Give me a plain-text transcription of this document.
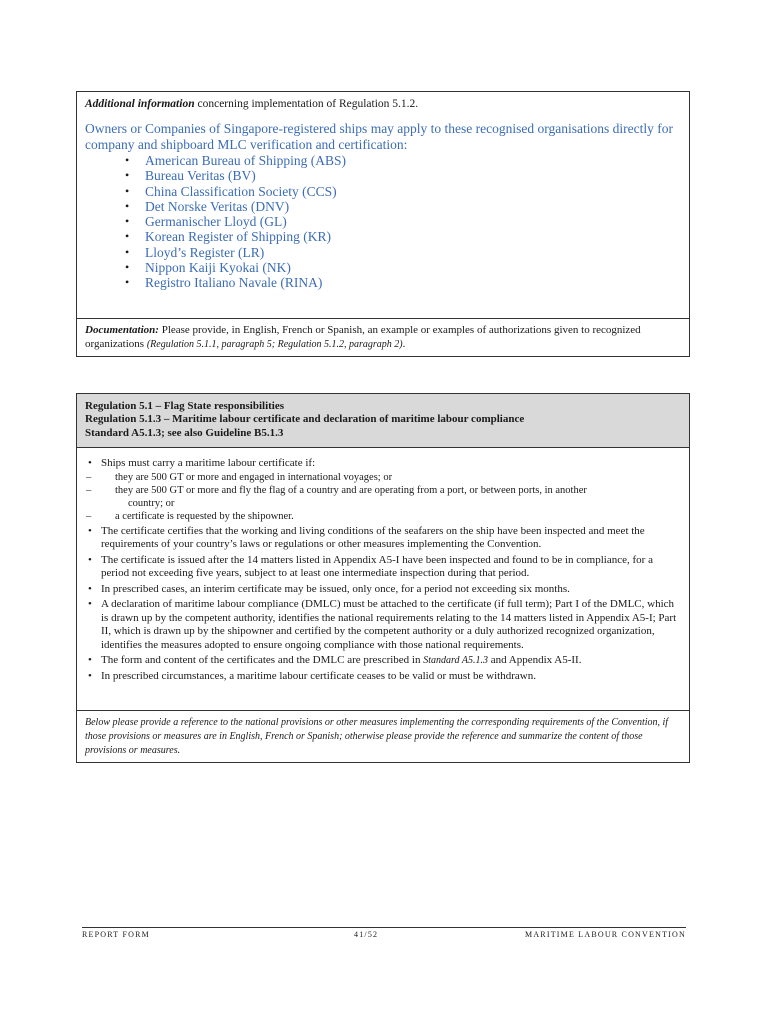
Additional information concerning implementation of Regulation 5.1.2.
Owners or Companies of Singapore-registered ships may apply to these recognised organisations directly for company and shipboard MLC verification and certification:
• American Bureau of Shipping (ABS)
• Bureau Veritas (BV)
• China Classification Society (CCS)
• Det Norske Veritas (DNV)
• Germanischer Lloyd (GL)
• Korean Register of Shipping (KR)
• Lloyd’s Register (LR)
• Nippon Kaiji Kyokai (NK)
• Registro Italiano Navale (RINA)
Documentation: Please provide, in English, French or Spanish, an example or examples of authorizations given to recognized organizations (Regulation 5.1.1, paragraph 5; Regulation 5.1.2, paragraph 2).
Regulation 5.1 – Flag State responsibilities
Regulation 5.1.3 – Maritime labour certificate and declaration of maritime labour compliance
Standard A5.1.3; see also Guideline B5.1.3
• Ships must carry a maritime labour certificate if:
– they are 500 GT or more and engaged in international voyages; or
– they are 500 GT or more and fly the flag of a country and are operating from a port, or between ports, in another
country; or
– a certificate is requested by the shipowner.
• The certificate certifies that the working and living conditions of the seafarers on the ship have been inspected and meet the requirements of your country’s laws or regulations or other measures implementing the Convention.
• The certificate is issued after the 14 matters listed in Appendix A5-I have been inspected and found to be in compliance, for a period not exceeding five years, subject to at least one intermediate inspection during that period.
• In prescribed cases, an interim certificate may be issued, only once, for a period not exceeding six months.
• A declaration of maritime labour compliance (DMLC) must be attached to the certificate (if full term); Part I of the DMLC, which is drawn up by the competent authority, identifies the national requirements relating to the 14 matters listed in Appendix A5-I; Part II, which is drawn up by the shipowner and certified by the competent authority or a duly authorized recognized organization, identifies the measures adopted to ensure ongoing compliance with those national requirements.
• The form and content of the certificates and the DMLC are prescribed in Standard A5.1.3 and Appendix A5-II.
• In prescribed circumstances, a maritime labour certificate ceases to be valid or must be withdrawn.
Below please provide a reference to the national provisions or other measures implementing the corresponding requirements of the Convention, if those provisions or measures are in English, French or Spanish; otherwise please provide the reference and summarize the content of those provisions or measures.
REPORT FORM	41/52	MARITIME LABOUR CONVENTION
